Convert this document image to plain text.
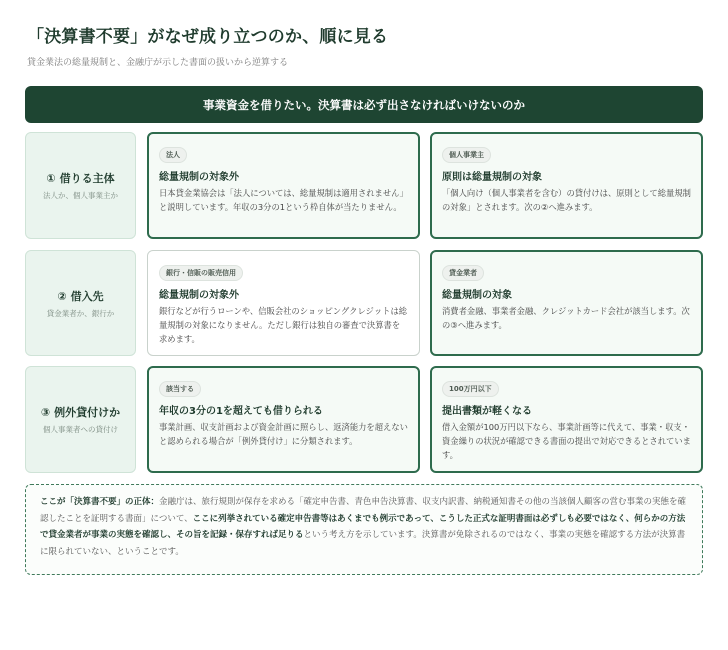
「決算書不要」がなぜ成り立つのか、順に見る
貸金業法の総量規制と、金融庁が示した書面の扱いから逆算する
事業資金を借りたい。決算書は必ず出さなければいけないのか
① 借りる主体
法人か、個人事業主か
法人
総量規制の対象外
日本貸金業協会は「法人については、総量規制は適用されません」と説明しています。年収の3分の1という枠自体が当たりません。
個人事業主
原則は総量規制の対象
「個人向け（個人事業者を含む）の貸付けは、原則として総量規制の対象」とされます。次の②へ進みます。
② 借入先
貸金業者か、銀行か
銀行・信販の販売信用
総量規制の対象外
銀行などが行うローンや、信販会社のショッピングクレジットは総量規制の対象になりません。ただし銀行は独自の審査で決算書を求めます。
貸金業者
総量規制の対象
消費者金融、事業者金融、クレジットカード会社が該当します。次の③へ進みます。
③ 例外貸付けか
個人事業者への貸付け
該当する
年収の3分の1を超えても借りられる
事業計画、収支計画および資金計画に照らし、返済能力を超えないと認められる場合が「例外貸付け」に分類されます。
100万円以下
提出書類が軽くなる
借入金額が100万円以下なら、事業計画等に代えて、事業・収支・資金繰りの状況が確認できる書面の提出で対応できるとされています。
ここが「決算書不要」の正体：金融庁は、旅行規則が保存を求める「確定申告書、青色申告決算書、収支内訳書、納税通知書その他の当該個人顧客の営む事業の実態を確認したことを証明する書面」について、ここに列挙されている確定申告書等はあくまでも例示であって、こうした正式な証明書面は必ずしも必要ではなく、何らかの方法で貸金業者が事業の実態を確認し、その旨を記録・保存すれば足りるという考え方を示しています。決算書が免除されるのではなく、事業の実態を確認する方法が決算書に限られていない、ということです。
